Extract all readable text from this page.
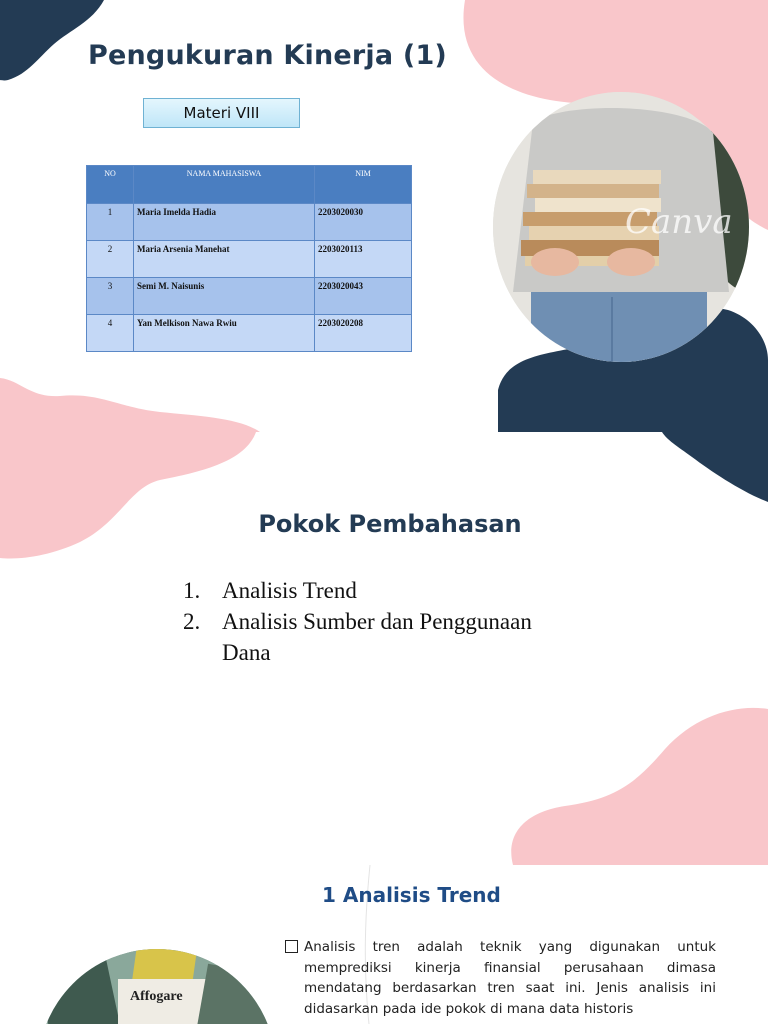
Pengukuran Kinerja (1)
Materi VIII
NO	NAMA MAHASISWA	NIM
1	Maria Imelda Hadia	2203020030
2	Maria Arsenia Manehat	2203020113
3	Semi M. Naisunis	2203020043
4	Yan Melkison Nawa Rwiu	2203020208
Canva
Pokok Pembahasan
1. Analisis Trend
2. Analisis Sumber dan Penggunaan Dana
1 Analisis Trend

Analisis tren adalah teknik yang digunakan untuk memprediksi kinerja finansial perusahaan dimasa mendatang berdasarkan tren saat ini. Jenis analisis ini didasarkan pada ide pokok di mana data historis

Affogare
